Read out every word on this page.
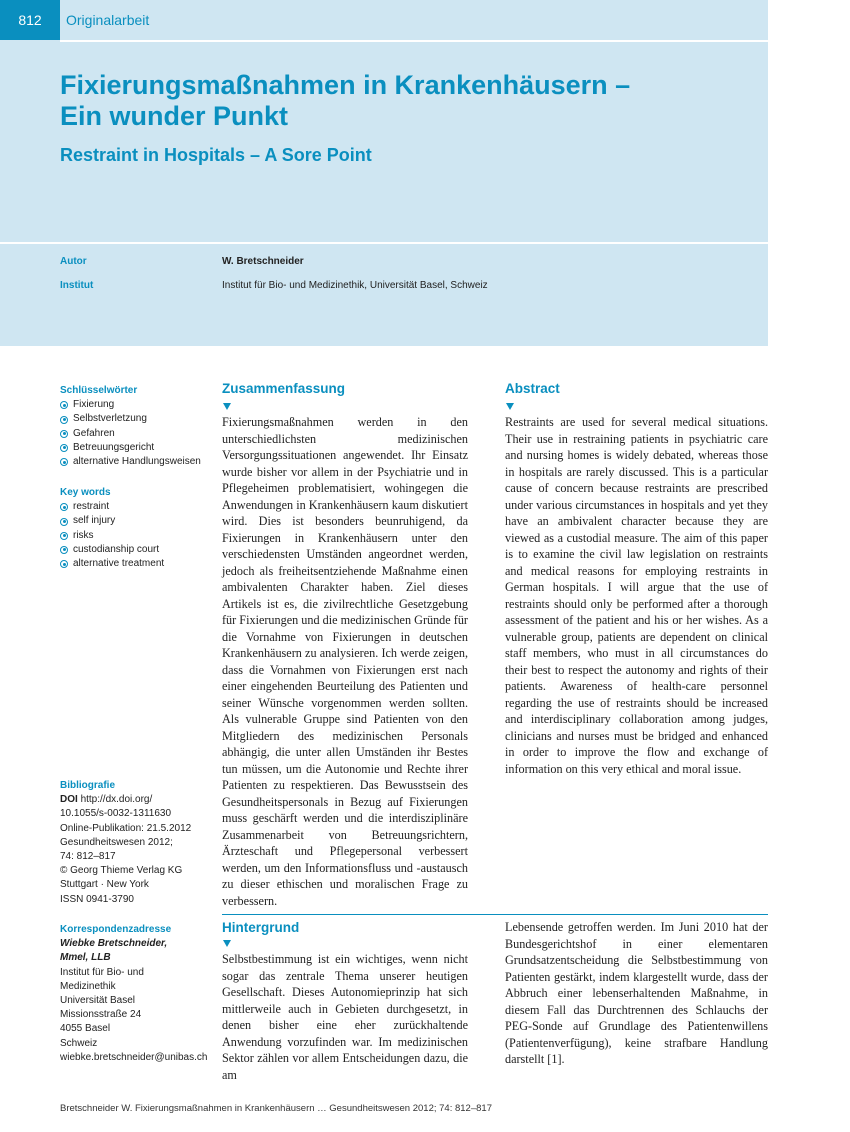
812	Originalarbeit
Fixierungsmaßnahmen in Krankenhäusern –
Ein wunder Punkt
Restraint in Hospitals – A Sore Point
Autor	W. Bretschneider
Institut	Institut für Bio- und Medizinethik, Universität Basel, Schweiz
Schlüsselwörter
Fixierung
Selbstverletzung
Gefahren
Betreuungsgericht
alternative Handlungsweisen
Key words
restraint
self injury
risks
custodianship court
alternative treatment
Bibliografie
DOI http://dx.doi.org/
10.1055/s-0032-1311630
Online-Publikation: 21.5.2012
Gesundheitswesen 2012;
74: 812–817
© Georg Thieme Verlag KG
Stuttgart · New York
ISSN 0941-3790
Korrespondenzadresse
Wiebke Bretschneider,
Mmel, LLB
Institut für Bio- und
Medizinethik
Universität Basel
Missionsstraße 24
4055 Basel
Schweiz
wiebke.bretschneider@unibas.ch
Zusammenfassung
Fixierungsmaßnahmen werden in den unterschiedlichsten medizinischen Versorgungssituationen angewendet. Ihr Einsatz wurde bisher vor allem in der Psychiatrie und in Pflegeheimen problematisiert, wohingegen die Anwendungen in Krankenhäusern kaum diskutiert wird. Dies ist besonders beunruhigend, da Fixierungen in Krankenhäusern unter den verschiedensten Umständen angeordnet werden, jedoch als freiheitsentziehende Maßnahme einen ambivalenten Charakter haben. Ziel dieses Artikels ist es, die zivilrechtliche Gesetzgebung für Fixierungen und die medizinischen Gründe für die Vornahme von Fixierungen in deutschen Krankenhäusern zu analysieren. Ich werde zeigen, dass die Vornahmen von Fixierungen erst nach einer eingehenden Beurteilung des Patienten und seiner Wünsche vorgenommen werden sollten. Als vulnerable Gruppe sind Patienten von den Mitgliedern des medizinischen Personals abhängig, die unter allen Umständen ihr Bestes tun müssen, um die Autonomie und Rechte ihrer Patienten zu respektieren. Das Bewusstsein des Gesundheitspersonals in Bezug auf Fixierungen muss geschärft werden und die interdisziplinäre Zusammenarbeit von Betreuungsrichtern, Ärzteschaft und Pflegepersonal verbessert werden, um den Informationsfluss und -austausch zu dieser ethischen und moralischen Frage zu verbessern.
Abstract
Restraints are used for several medical situations. Their use in restraining patients in psychiatric care and nursing homes is widely debated, whereas those in hospitals are rarely discussed. This is a particular cause of concern because restraints are prescribed under various circumstances in hospitals and yet they have an ambivalent character because they are viewed as a custodial measure. The aim of this paper is to examine the civil law legislation on restraints and medical reasons for employing restraints in German hospitals. I will argue that the use of restraints should only be performed after a thorough assessment of the patient and his or her wishes. As a vulnerable group, patients are dependent on clinical staff members, who must in all circumstances do their best to respect the autonomy and rights of their patients. Awareness of health-care personnel regarding the use of restraints should be increased and interdisciplinary collaboration among judges, clinicians and nurses must be bridged and enhanced in order to improve the flow and exchange of information on this very ethical and moral issue.
Hintergrund
Selbstbestimmung ist ein wichtiges, wenn nicht sogar das zentrale Thema unserer heutigen Gesellschaft. Dieses Autonomieprinzip hat sich mittlerweile auch in Gebieten durchgesetzt, in denen bisher eine eher zurückhaltende Anwendung vorzufinden war. Im medizinischen Sektor zählen vor allem Entscheidungen dazu, die am
Lebensende getroffen werden. Im Juni 2010 hat der Bundesgerichtshof in einer elementaren Grundsatzentscheidung die Selbstbestimmung von Patienten gestärkt, indem klargestellt wurde, dass der Abbruch einer lebenserhaltenden Maßnahme, in diesem Fall das Durchtrennen des Schlauchs der PEG-Sonde auf Grundlage des Patientenwillens (Patientenverfügung), keine strafbare Handlung darstellt [1].
Bretschneider W. Fixierungsmaßnahmen in Krankenhäusern … Gesundheitswesen 2012; 74: 812–817
